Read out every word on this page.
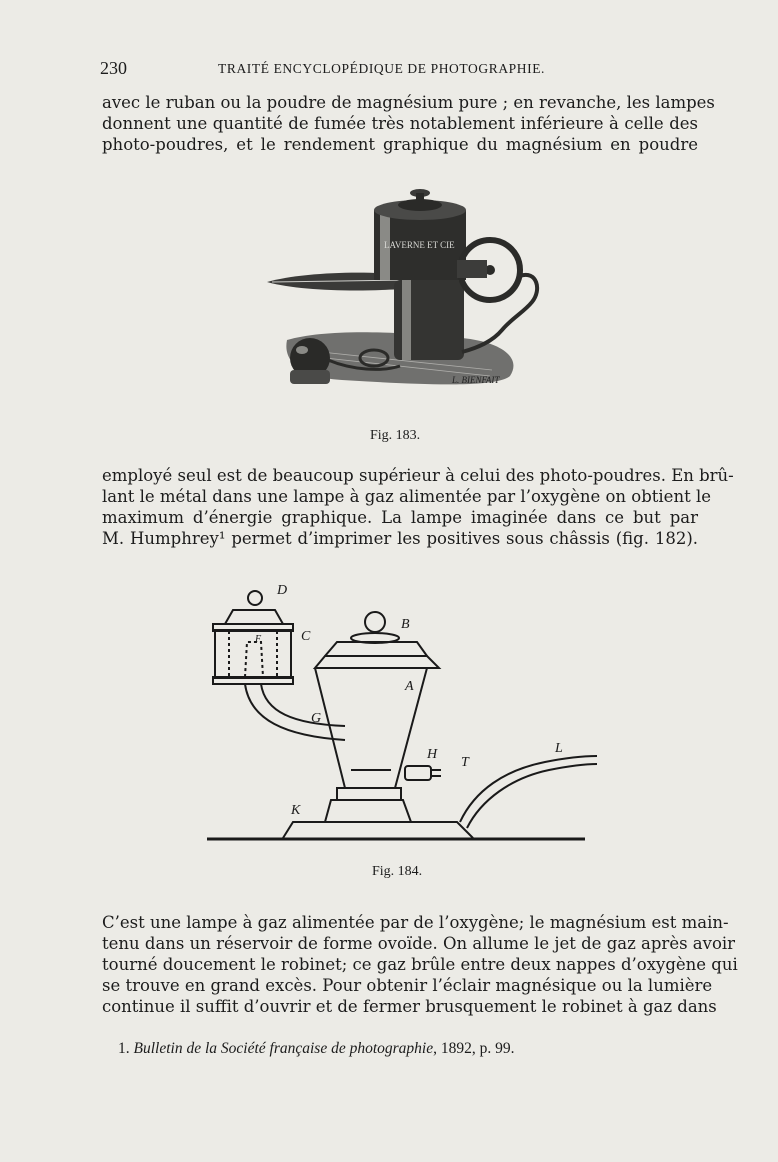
230	TRAITÉ ENCYCLOPÉDIQUE DE PHOTOGRAPHIE.
avec le ruban ou la poudre de magnésium pure ; en revanche, les lampes
donnent une quantité de fumée très notablement inférieure à celle des
photo-poudres, et le rendement graphique du magnésium en poudre
LAVERNE ET CIE
L. BIENFAIT
Fig. 183.
employé seul est de beaucoup supérieur à celui des photo-poudres. En brû-
lant le métal dans une lampe à gaz alimentée par l’oxygène on obtient le
maximum d’énergie graphique. La lampe imaginée dans ce but par
M. Humphrey¹ permet d’imprimer les positives sous châssis (fig. 182).
D
F	C
B
A
G
H
T
L
K
Fig. 184.
C’est une lampe à gaz alimentée par de l’oxygène; le magnésium est main-
tenu dans un réservoir de forme ovoïde. On allume le jet de gaz après avoir
tourné doucement le robinet; ce gaz brûle entre deux nappes d’oxygène qui
se trouve en grand excès. Pour obtenir l’éclair magnésique ou la lumière
continue il suffit d’ouvrir et de fermer brusquement le robinet à gaz dans
1. Bulletin de la Société française de photographie, 1892, p. 99.
